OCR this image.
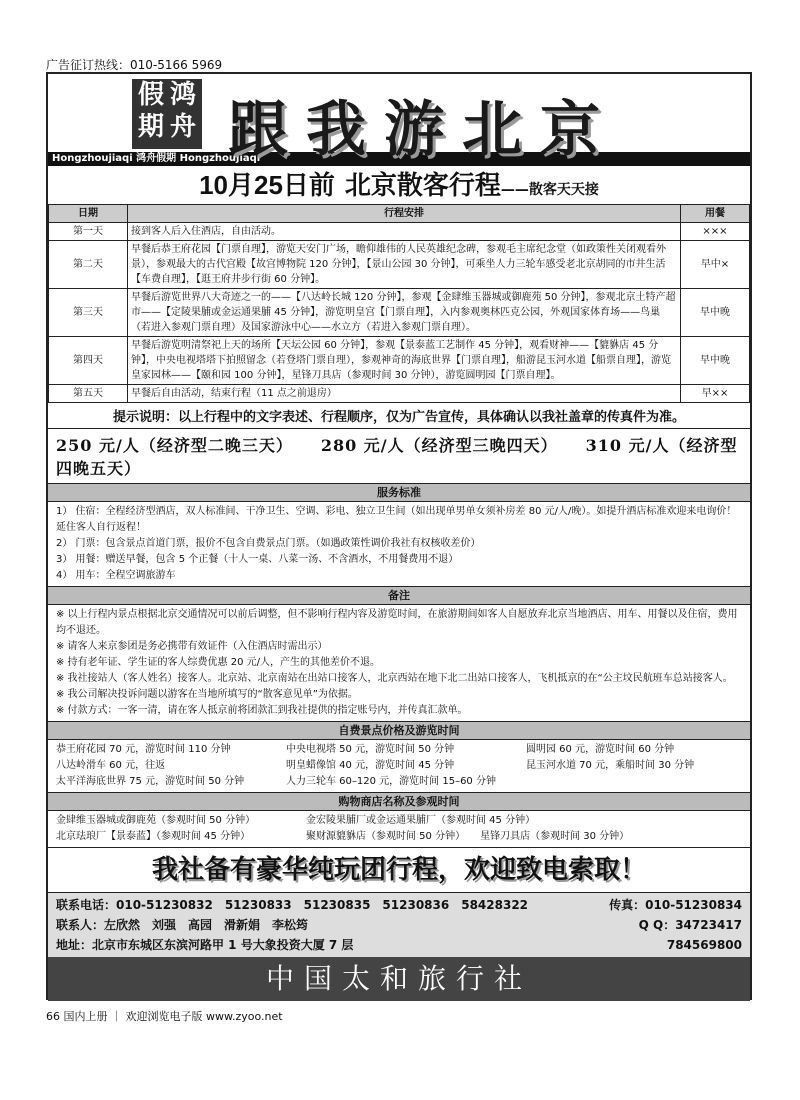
广告征订热线：010-5166 5969
假 鸿 期 舟 跟我游北京
Hongzhoujiaqi 鸿舟假期 Hongzhoujiaqi
10月25日前 北京散客行程——散客天天接
日期	行程安排	用餐
第一天	接到客人后入住酒店，自由活动。	×××
第二天	早餐后恭王府花园【门票自理】，游览天安门广场，瞻仰雄伟的人民英雄纪念碑，参观毛主席纪念堂（如政策性关闭观看外景），参观最大的古代宫殿【故宫博物院 120 分钟】，【景山公园 30 分钟】，可乘坐人力三轮车感受老北京胡同的市井生活【车费自理】，【逛王府井步行街 60 分钟】。	早中×
第三天	早餐后游览世界八大奇迹之一的——【八达岭长城 120 分钟】，参观【金肆维玉器城或御鹿苑 50 分钟】，参观北京土特产超市——【定陵果脯或金运通果脯 45 分钟】，游览明皇宫【门票自理】，入内参观奥林匹克公园，外观国家体育场——鸟巢（若进入参观门票自理）及国家游泳中心——水立方（若进入参观门票自理）。	早中晚
第四天	早餐后游览明清祭祀上天的场所【天坛公园 60 分钟】，参观【景泰蓝工艺制作 45 分钟】，观看财神——【貔貅店 45 分钟】，中央电视塔塔下拍照留念（若登塔门票自理），参观神奇的海底世界【门票自理】，船游昆玉河水道【船票自理】，游览皇家园林——【颐和园 100 分钟】，星锋刀具店（参观时间 30 分钟），游览圆明园【门票自理】。	早中晚
第五天	早餐后自由活动，结束行程（11 点之前退房）	早××
提示说明：以上行程中的文字表述、行程顺序，仅为广告宣传，具体确认以我社盖章的传真件为准。
250 元/人（经济型二晚三天） 280 元/人（经济型三晚四天） 310 元/人（经济型四晚五天）
服务标准
1） 住宿：全程经济型酒店，双人标准间、干净卫生、空调、彩电、独立卫生间（如出现单男单女须补房差 80 元/人/晚）。如提升酒店标准欢迎来电询价！ 延住客人自行返程！
2） 门票：包含景点首道门票，报价不包含自费景点门票。（如遇政策性调价我社有权核收差价）
3） 用餐：赠送早餐，包含 5 个正餐（十人一桌、八菜一汤、不含酒水，不用餐费用不退）
4） 用车：全程空调旅游车
备注
※ 以上行程内景点根据北京交通情况可以前后调整，但不影响行程内容及游览时间，在旅游期间如客人自愿放弃北京当地酒店、用车、用餐以及住宿，费用均不退还。
※ 请客人来京参团是务必携带有效证件（入住酒店时需出示）
※ 持有老年证、学生证的客人综费优惠 20 元/人，产生的其他差价不退。
※ 我社接站人（客人姓名）接客人。北京站、北京南站在出站口接客人，北京西站在地下北二出站口接客人，飞机抵京的在“公主坟民航班车总站接客人。
※ 我公司解决投诉问题以游客在当地所填写的“散客意见单”为依据。
※ 付款方式：一客一清，请在客人抵京前将团款汇到我社提供的指定账号内，并传真汇款单。
自费景点价格及游览时间
恭王府花园 70 元，游览时间 110 分钟	中央电视塔 50 元，游览时间 50 分钟	圆明园 60 元，游览时间 60 分钟
八达岭滑车 60 元，往返	明皇蜡像馆 40 元，游览时间 45 分钟	昆玉河水道 70 元，乘船时间 30 分钟
太平洋海底世界 75 元，游览时间 50 分钟	人力三轮车 60–120 元，游览时间 15–60 分钟
购物商店名称及参观时间
金肆维玉器城或御鹿苑（参观时间 50 分钟）	金宏陵果脯厂或金运通果脯厂（参观时间 45 分钟）
北京珐琅厂【景泰蓝】（参观时间 45 分钟）	聚财源貔貅店（参观时间 50 分钟）　　星锋刀具店（参观时间 30 分钟）
我社备有豪华纯玩团行程，欢迎致电索取！
联系电话：010-51230832　51230833　51230835　51230836　58428322	传真：010-51230834
联系人：左欣然　刘强　高园　滑新娟　李松筠	Q Q：34723417
地址：北京市东城区东滨河路甲 1 号大象投资大厦 7 层	784569800
中国太和旅行社
66 国内上册 ｜ 欢迎浏览电子版 www.zyoo.net
